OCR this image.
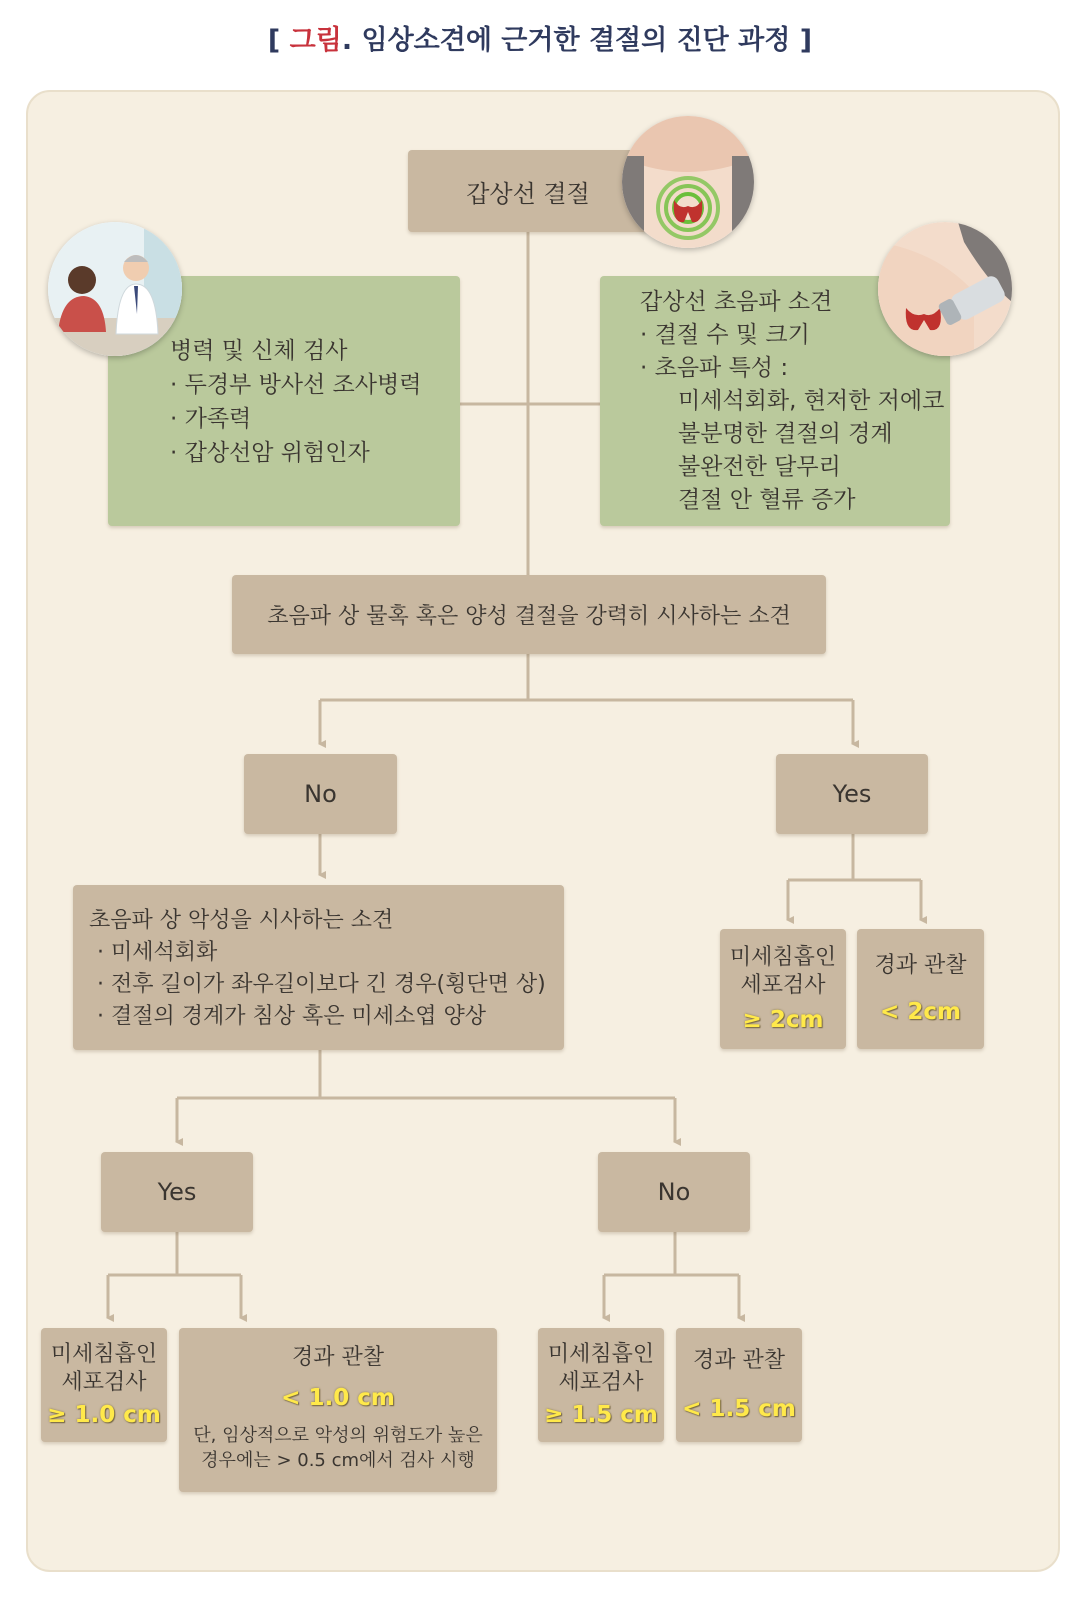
[ 그림. 임상소견에 근거한 결절의 진단 과정 ]
갑상선 결절
병력 및 신체 검사
· 두경부 방사선 조사병력
· 가족력
· 갑상선암 위험인자
갑상선 초음파 소견
· 결절 수 및 크기
· 초음파 특성 :
미세석회화, 현저한 저에코
불분명한 결절의 경계
불완전한 달무리
결절 안 혈류 증가
초음파 상 물혹 혹은 양성 결절을 강력히 시사하는 소견
No	Yes
미세침흡인
세포검사
≥ 2cm
경과 관찰
< 2cm
초음파 상 악성을 시사하는 소견
· 미세석회화
· 전후 길이가 좌우길이보다 긴 경우(횡단면 상)
· 결절의 경계가 침상 혹은 미세소엽 양상
Yes	No
미세침흡인
세포검사
≥ 1.0 cm
경과 관찰
< 1.0 cm
단, 임상적으로 악성의 위험도가 높은
경우에는 > 0.5 cm에서 검사 시행
미세침흡인
세포검사
≥ 1.5 cm
경과 관찰
< 1.5 cm
